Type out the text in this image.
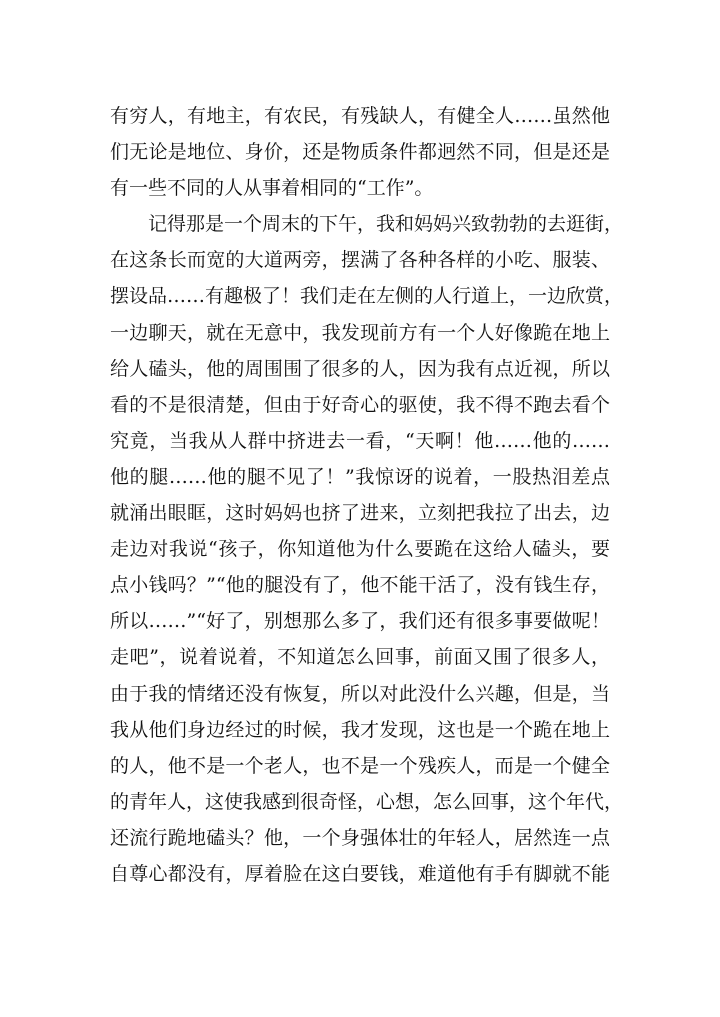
有穷人，有地主，有农民，有残缺人，有健全人……虽然他
们无论是地位、身价，还是物质条件都迥然不同，但是还是
有一些不同的人从事着相同的“工作”。
记得那是一个周末的下午，我和妈妈兴致勃勃的去逛街，
在这条长而宽的大道两旁，摆满了各种各样的小吃、服装、
摆设品……有趣极了！我们走在左侧的人行道上，一边欣赏，
一边聊天，就在无意中，我发现前方有一个人好像跪在地上
给人磕头，他的周围围了很多的人，因为我有点近视，所以
看的不是很清楚，但由于好奇心的驱使，我不得不跑去看个
究竟，当我从人群中挤进去一看，“天啊！他……他的……
他的腿……他的腿不见了！”我惊讶的说着，一股热泪差点
就涌出眼眶，这时妈妈也挤了进来，立刻把我拉了出去，边
走边对我说“孩子，你知道他为什么要跪在这给人磕头，要
点小钱吗？”“他的腿没有了，他不能干活了，没有钱生存，
所以……”“好了，别想那么多了，我们还有很多事要做呢！
走吧”，说着说着，不知道怎么回事，前面又围了很多人，
由于我的情绪还没有恢复，所以对此没什么兴趣，但是，当
我从他们身边经过的时候，我才发现，这也是一个跪在地上
的人，他不是一个老人，也不是一个残疾人，而是一个健全
的青年人，这使我感到很奇怪，心想，怎么回事，这个年代，
还流行跪地磕头？他，一个身强体壮的年轻人，居然连一点
自尊心都没有，厚着脸在这白要钱，难道他有手有脚就不能
